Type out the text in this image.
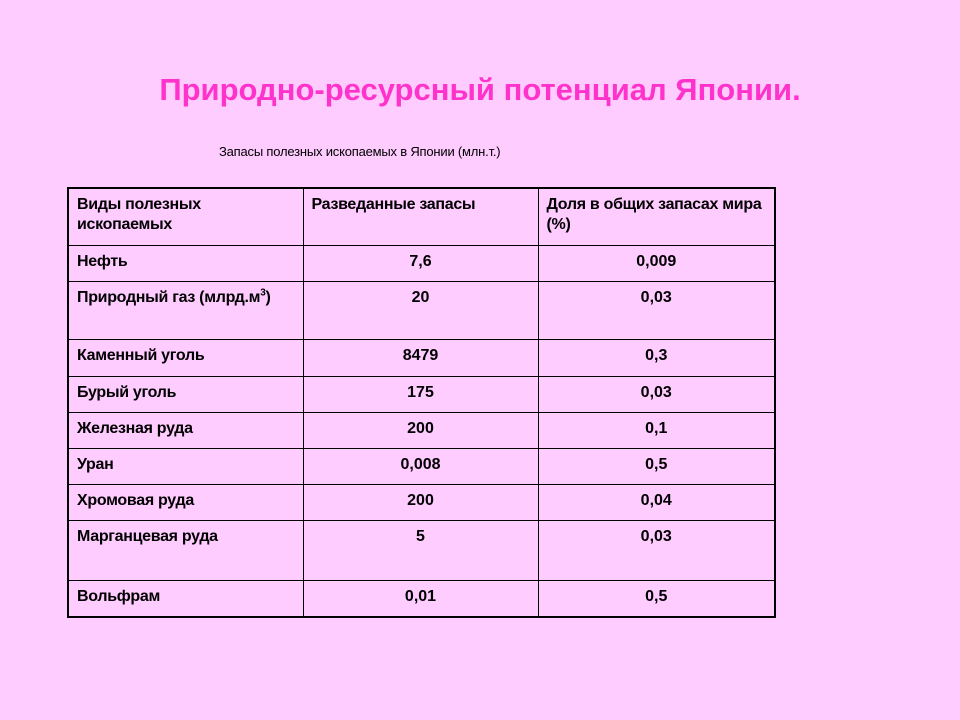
Природно-ресурсный потенциал Японии.
Запасы полезных ископаемых в Японии (млн.т.)
Виды полезных ископаемых	Разведанные запасы	Доля в общих запасах мира (%)
Нефть	7,6	0,009
Природный газ $(млрд.м^3)$	20	0,03
Каменный уголь	8479	0,3
Бурый уголь	175	0,03
Железная руда	200	0,1
Уран	0,008	0,5
Хромовая руда	200	0,04
Марганцевая руда	5	0,03
Вольфрам	0,01	0,5
